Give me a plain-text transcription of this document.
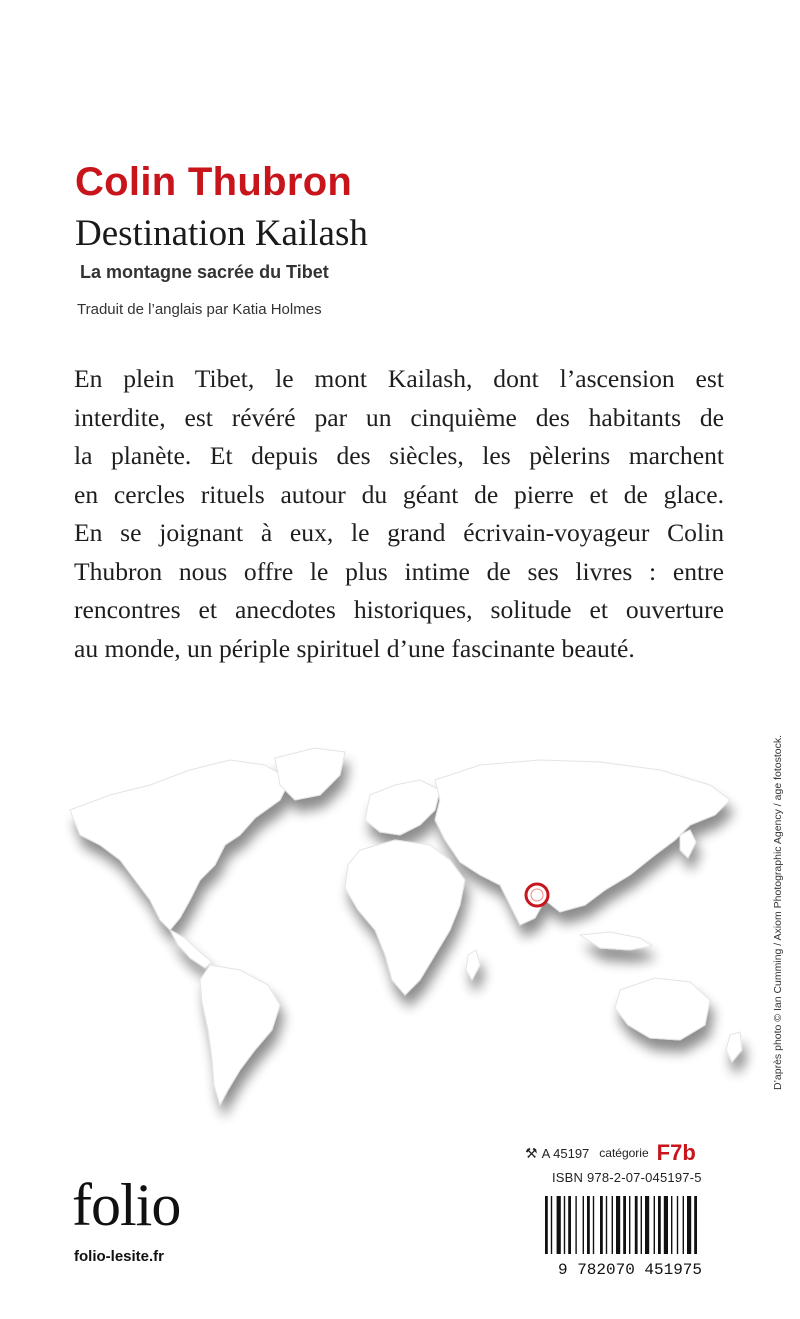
Colin Thubron
Destination Kailash
La montagne sacrée du Tibet
Traduit de l’anglais par Katia Holmes

En plein Tibet, le mont Kailash, dont l’ascension est
interdite, est révéré par un cinquième des habitants de
la planète. Et depuis des siècles, les pèlerins marchent
en cercles rituels autour du géant de pierre et de glace.
En se joignant à eux, le grand écrivain-voyageur Colin
Thubron nous offre le plus intime de ses livres : entre
rencontres et anecdotes historiques, solitude et ouverture
au monde, un périple spirituel d’une fascinante beauté.

D’après photo © Ian Cumming / Axiom Photographic Agency / age fotostock.
⚒ A 45197 catégorie F7b
ISBN 978-2-07-045197-5
folio
folio-lesite.fr
9 782070 451975
